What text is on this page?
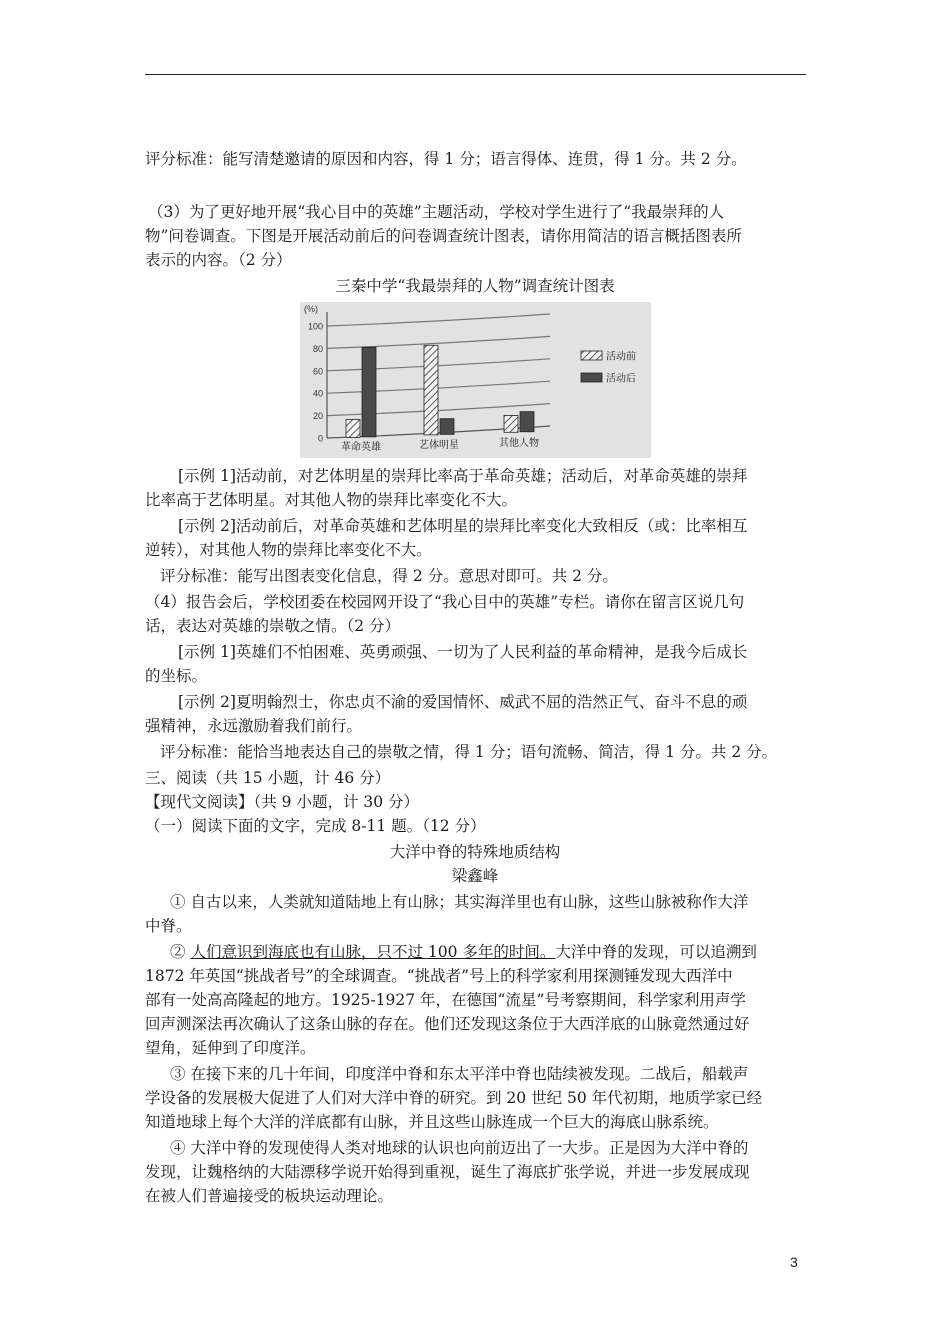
评分标准：能写清楚邀请的原因和内容，得 1 分；语言得体、连贯，得 1 分。共 2 分。
（3）为了更好地开展“我心目中的英雄”主题活动，学校对学生进行了“我最崇拜的人
物”问卷调查。下图是开展活动前后的问卷调查统计图表，请你用简洁的语言概括图表所
表示的内容。（2 分）
三秦中学“我最崇拜的人物”调查统计图表
(%)
0
20
40
60
80
100
革命英雄	艺体明星	其他人物
活动前
活动后
[示例 1]活动前，对艺体明星的崇拜比率高于革命英雄；活动后，对革命英雄的崇拜
比率高于艺体明星。对其他人物的崇拜比率变化不大。
[示例 2]活动前后，对革命英雄和艺体明星的崇拜比率变化大致相反（或：比率相互
逆转），对其他人物的崇拜比率变化不大。
评分标准：能写出图表变化信息，得 2 分。意思对即可。共 2 分。
（4）报告会后，学校团委在校园网开设了“我心目中的英雄”专栏。请你在留言区说几句
话，表达对英雄的崇敬之情。（2 分）
[示例 1]英雄们不怕困难、英勇顽强、一切为了人民利益的革命精神，是我今后成长
的坐标。
[示例 2]夏明翰烈士，你忠贞不渝的爱国情怀、威武不屈的浩然正气、奋斗不息的顽
强精神，永远激励着我们前行。
评分标准：能恰当地表达自己的崇敬之情，得 1 分；语句流畅、简洁，得 1 分。共 2 分。
三、阅读（共 15 小题，计 46 分）
【现代文阅读】（共 9 小题，计 30 分）
（一）阅读下面的文字，完成 8-11 题。（12 分）
大洋中脊的特殊地质结构
梁鑫峰
① 自古以来，人类就知道陆地上有山脉；其实海洋里也有山脉，这些山脉被称作大洋
中脊。
② 人们意识到海底也有山脉，只不过 100 多年的时间。大洋中脊的发现，可以追溯到
1872 年英国“挑战者号”的全球调查。“挑战者”号上的科学家利用探测锤发现大西洋中
部有一处高高隆起的地方。1925-1927 年，在德国“流星”号考察期间，科学家利用声学
回声测深法再次确认了这条山脉的存在。他们还发现这条位于大西洋底的山脉竟然通过好
望角，延伸到了印度洋。
③ 在接下来的几十年间，印度洋中脊和东太平洋中脊也陆续被发现。二战后，船载声
学设备的发展极大促进了人们对大洋中脊的研究。到 20 世纪 50 年代初期，地质学家已经
知道地球上每个大洋的洋底都有山脉，并且这些山脉连成一个巨大的海底山脉系统。
④ 大洋中脊的发现使得人类对地球的认识也向前迈出了一大步。正是因为大洋中脊的
发现，让魏格纳的大陆漂移学说开始得到重视，诞生了海底扩张学说，并进一步发展成现
在被人们普遍接受的板块运动理论。
3
